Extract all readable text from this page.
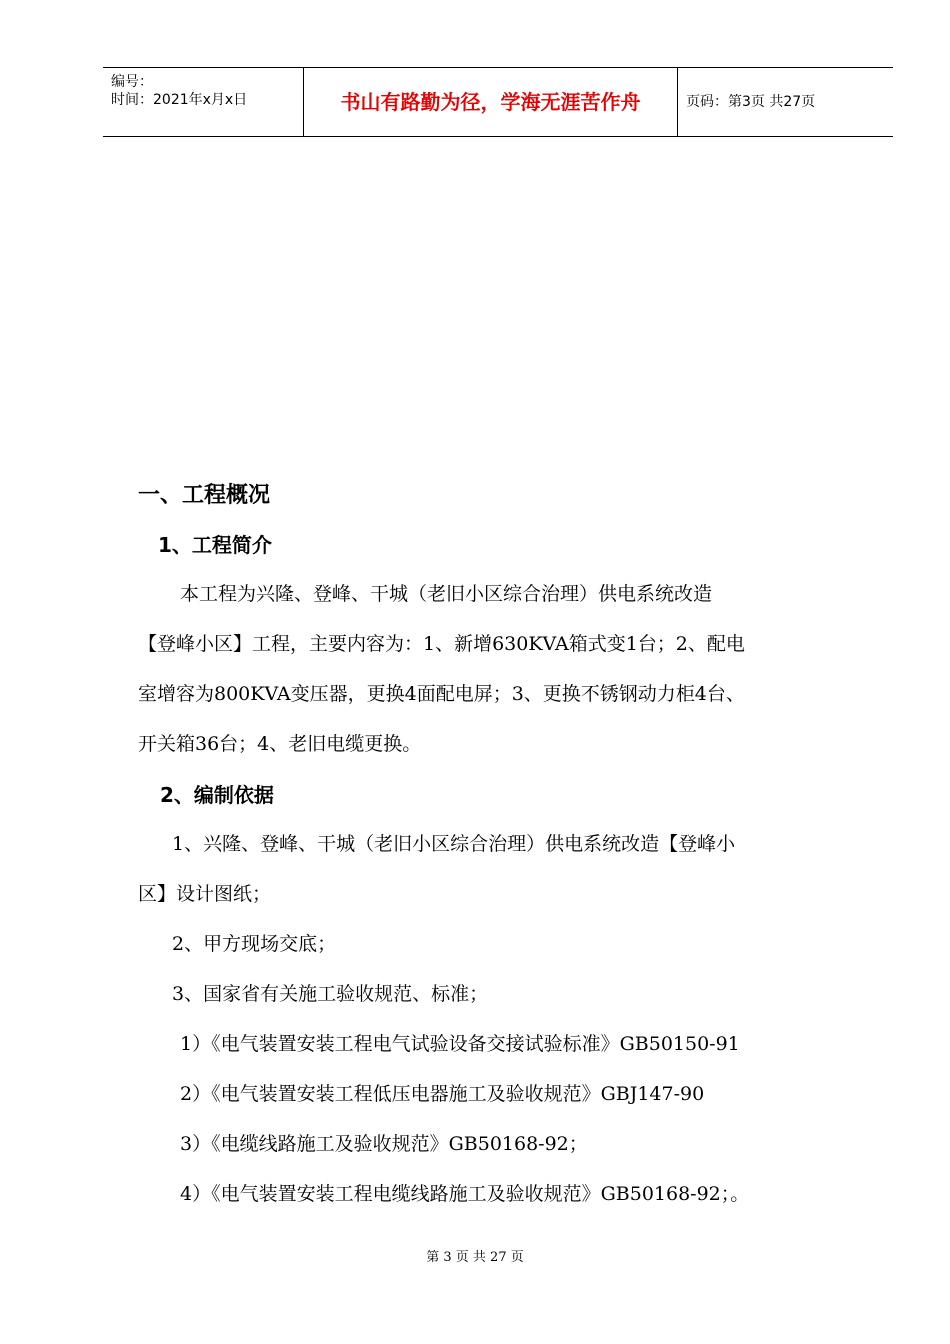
编号：
时间：2021年x月x日	书山有路勤为径，学海无涯苦作舟	页码：第3页 共27页
一、工程概况
1、工程简介
本工程为兴隆、登峰、干城（老旧小区综合治理）供电系统改造
【登峰小区】工程，主要内容为：1、新增630KVA箱式变1台；2、配电
室增容为800KVA变压器，更换4面配电屏；3、更换不锈钢动力柜4台、
开关箱36台；4、老旧电缆更换。
2、编制依据
1、兴隆、登峰、干城（老旧小区综合治理）供电系统改造【登峰小
区】设计图纸；
2、甲方现场交底；
3、国家省有关施工验收规范、标准；
1）《电气装置安装工程电气试验设备交接试验标准》GB50150-91
2）《电气装置安装工程低压电器施工及验收规范》GBJ147-90
3）《电缆线路施工及验收规范》GB50168-92；
4）《电气装置安装工程电缆线路施工及验收规范》GB50168-92；。
第 3 页 共 27 页
